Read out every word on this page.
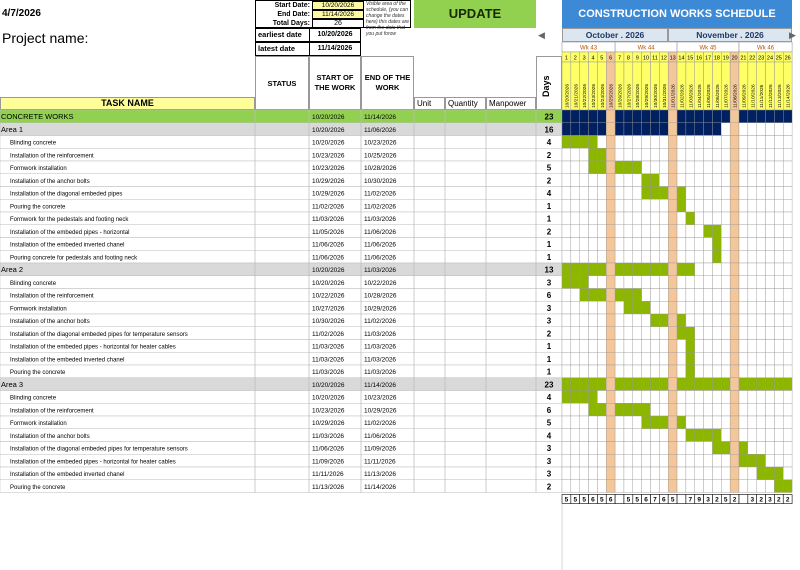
4/7/2026
Project name:
Start Date:	10/20/2026
End Date:	11/14/2026
Total Days:	26
Visible area of the schedule, (you can change the dates here) this dates are from the data that you put forow
earliest date	10/20/2026
latest date	11/14/2026
UPDATE	CONSTRUCTION WORKS SCHEDULE
TASK NAME
STATUS
START OF THE WORK
END OF THE WORK
Unit	Quantity	Manpower
Days
October . 2026	November . 2026
◀	▶
Wk 43	Wk 44	Wk 45	Wk 46
1 2 3 4 5 6 7 8 9 10 11 12 13 14 15 16 17 18 19 20 21 22 23 24 25 26
10/20/2026 10/21/2026 10/22/2026 10/23/2026 10/24/2026 10/25/2026 10/26/2026 10/27/2026 10/28/2026 10/29/2026 10/30/2026 10/31/2026 11/01/2026 11/02/2026 11/03/2026 11/04/2026 11/05/2026 11/06/2026 11/07/2026 11/08/2026 11/09/2026 11/10/2026 11/11/2026 11/12/2026 11/13/2026 11/14/2026
CONCRETE WORKS	10/20/2026	11/14/2026	23
Area 1	10/20/2026	11/06/2026	16
Blinding concrete	10/20/2026	10/23/2026	4
Installation of the reinforcement	10/23/2026	10/25/2026	2
Formwork installation	10/23/2026	10/28/2026	5
Installation of the anchor bolts	10/29/2026	10/30/2026	2
Installation of the diagonal embeded pipes	10/29/2026	11/02/2026	4
Pouring the concrete	11/02/2026	11/02/2026	1
Formwork for the pedestals and footing neck	11/03/2026	11/03/2026	1
Installation of the embeded pipes - horizontal	11/05/2026	11/06/2026	2
Installation of the embeded inverted chanel	11/06/2026	11/06/2026	1
Pouring concrete for pedestals and footing neck	11/06/2026	11/06/2026	1
Area 2	10/20/2026	11/03/2026	13
Blinding concrete	10/20/2026	10/22/2026	3
Installation of the reinforcement	10/22/2026	10/28/2026	6
Formwork installation	10/27/2026	10/29/2026	3
Installation of the anchor bolts	10/30/2026	11/02/2026	3
Installation of the diagonal embeded pipes for temperature sensors	11/02/2026	11/03/2026	2
Installation of the embeded pipes - horizontal for heater cables	11/03/2026	11/03/2026	1
Installation of the embeded inverted chanel	11/03/2026	11/03/2026	1
Pouring the concrete	11/03/2026	11/03/2026	1
Area 3	10/20/2026	11/14/2026	23
Blinding concrete	10/20/2026	10/23/2026	4
Installation of the reinforcement	10/23/2026	10/29/2026	6
Formwork installation	10/29/2026	11/02/2026	5
Installation of the anchor bolts	11/03/2026	11/06/2026	4
Installation of the diagonal embeded pipes for temperature sensors	11/06/2026	11/09/2026	3
Installation of the embeded pipes - horizontal for heater cables	11/09/2026	11/11/2026	3
Installation of the embeded inverted chanel	11/11/2026	11/13/2026	3
Pouring the concrete	11/13/2026	11/14/2026	2
5 5 5 6 5 6 5 5 6 7 6 5 7 9 3 2 5 2 3 2 3 2 2
